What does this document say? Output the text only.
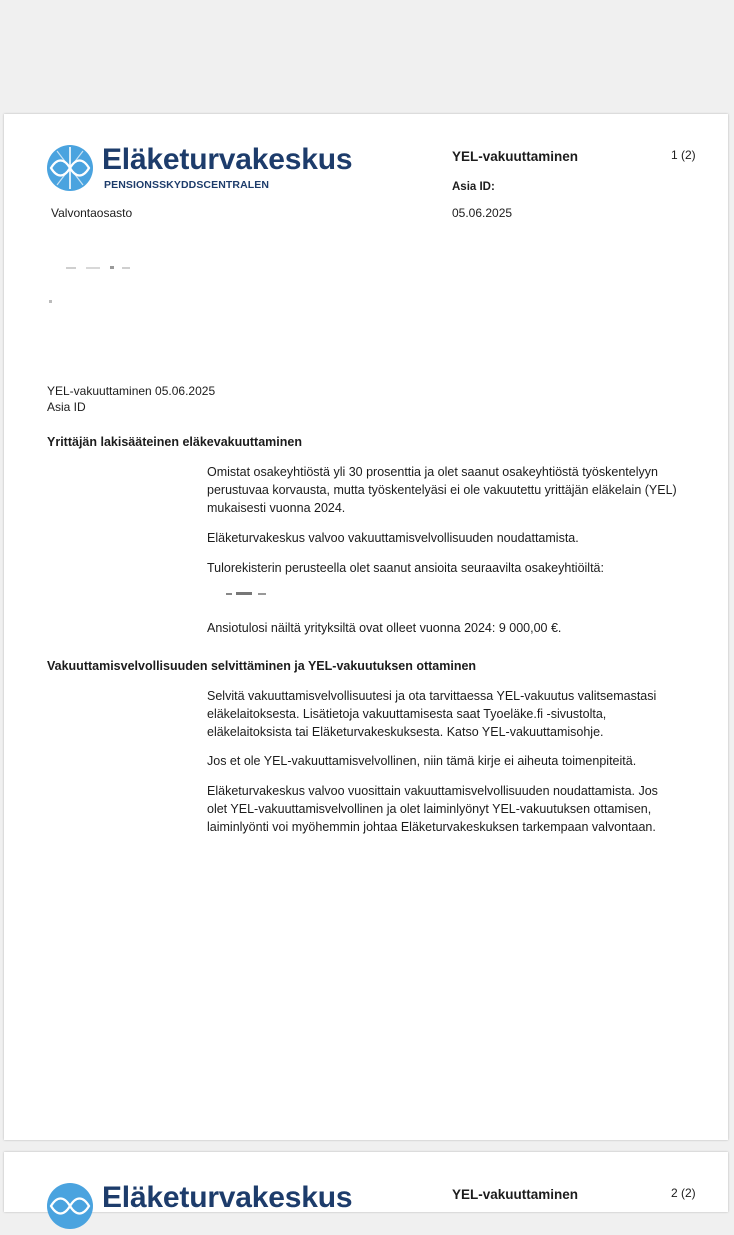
Eläketurvakeskus
PENSIONSSKYDDSCENTRALEN
Valvontaosasto
YEL-vakuuttaminen	1 (2)
Asia ID:
05.06.2025
YEL-vakuuttaminen 05.06.2025
Asia ID
Yrittäjän lakisääteinen eläkevakuuttaminen
Omistat osakeyhtiöstä yli 30 prosenttia ja olet saanut osakeyhtiöstä työskentelyyn perustuvaa korvausta, mutta työskentelyäsi ei ole vakuutettu yrittäjän eläkelain (YEL) mukaisesti vuonna 2024.
Eläketurvakeskus valvoo vakuuttamisvelvollisuuden noudattamista.
Tulorekisterin perusteella olet saanut ansioita seuraavilta osakeyhtiöiltä:
Ansiotulosi näiltä yrityksiltä ovat olleet vuonna 2024: 9 000,00 €.
Vakuuttamisvelvollisuuden selvittäminen ja YEL-vakuutuksen ottaminen
Selvitä vakuuttamisvelvollisuutesi ja ota tarvittaessa YEL-vakuutus valitsemastasi eläkelaitoksesta. Lisätietoja vakuuttamisesta saat Tyoeläke.fi -sivustolta, eläkelaitoksista tai Eläketurvakeskuksesta. Katso YEL-vakuuttamisohje.
Jos et ole YEL-vakuuttamisvelvollinen, niin tämä kirje ei aiheuta toimenpiteitä.
Eläketurvakeskus valvoo vuosittain vakuuttamisvelvollisuuden noudattamista. Jos olet YEL-vakuuttamisvelvollinen ja olet laiminlyönyt YEL-vakuutuksen ottamisen, laiminlyönti voi myöhemmin johtaa Eläketurvakeskuksen tarkempaan valvontaan.
Eläketurvakeskus	YEL-vakuuttaminen	2 (2)
